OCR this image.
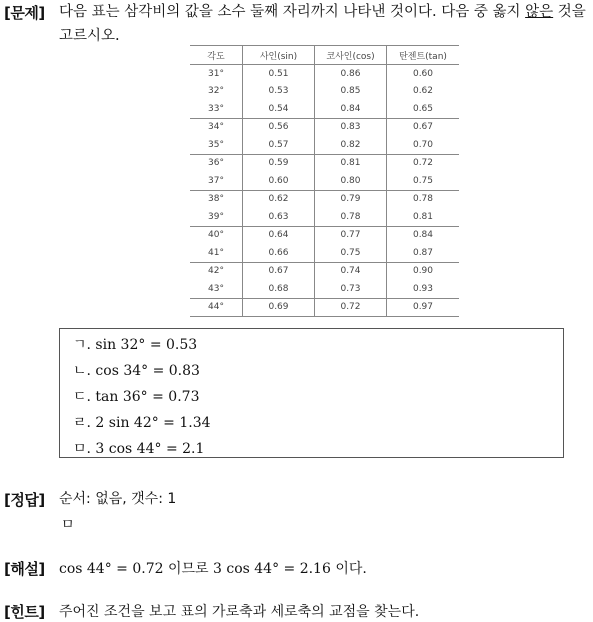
[문제] 다음 표는 삼각비의 값을 소수 둘째 자리까지 나타낸 것이다. 다음 중 옳지 않은 것을 고르시오.
각도	사인(sin)	코사인(cos)	탄젠트(tan)
31°	0.51	0.86	0.60
32°	0.53	0.85	0.62
33°	0.54	0.84	0.65
34°	0.56	0.83	0.67
35°	0.57	0.82	0.70
36°	0.59	0.81	0.72
37°	0.60	0.80	0.75
38°	0.62	0.79	0.78
39°	0.63	0.78	0.81
40°	0.64	0.77	0.84
41°	0.66	0.75	0.87
42°	0.67	0.74	0.90
43°	0.68	0.73	0.93
44°	0.69	0.72	0.97
ㄱ. sin 32° = 0.53
ㄴ. cos 34° = 0.83
ㄷ. tan 36° = 0.73
ㄹ. 2 sin 42° = 1.34
ㅁ. 3 cos 44° = 2.1
[정답] 순서: 없음, 갯수: 1
ㅁ
[해설] cos 44° = 0.72 이므로 3 cos 44° = 2.16 이다.
[힌트] 주어진 조건을 보고 표의 가로축과 세로축의 교점을 찾는다.
